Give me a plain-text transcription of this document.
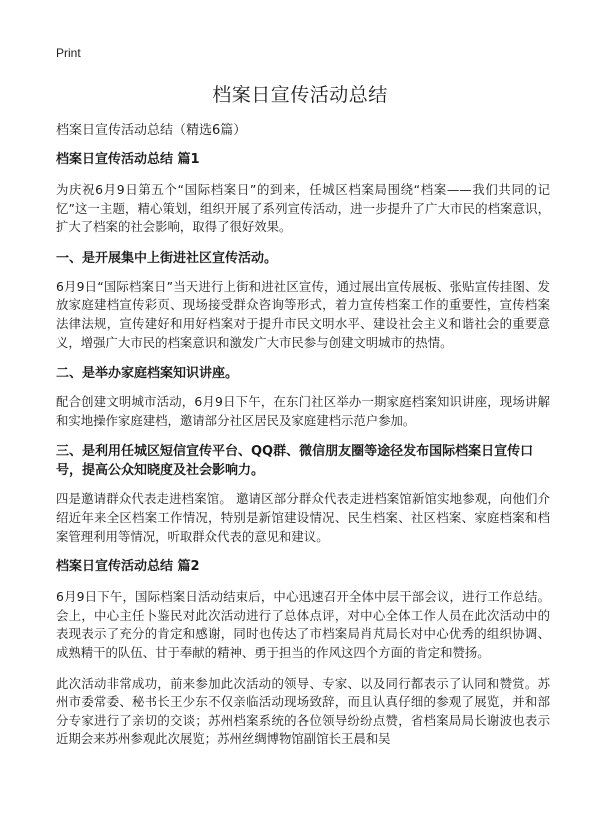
Print
档案日宣传活动总结

档案日宣传活动总结（精选6篇）

档案日宣传活动总结 篇1

为庆祝6月9日第五个“国际档案日”的到来，任城区档案局围绕“档案——我们共同的记忆”这一主题，精心策划，组织开展了系列宣传活动，进一步提升了广大市民的档案意识，扩大了档案的社会影响，取得了很好效果。

一、是开展集中上街进社区宣传活动。

6月9日“国际档案日”当天进行上街和进社区宣传，通过展出宣传展板、张贴宣传挂图、发放家庭建档宣传彩页、现场接受群众咨询等形式，着力宣传档案工作的重要性，宣传档案法律法规，宣传建好和用好档案对于提升市民文明水平、建设社会主义和谐社会的重要意义，增强广大市民的档案意识和激发广大市民参与创建文明城市的热情。

二、是举办家庭档案知识讲座。

配合创建文明城市活动，6月9日下午，在东门社区举办一期家庭档案知识讲座，现场讲解和实地操作家庭建档，邀请部分社区居民及家庭建档示范户参加。

三、是利用任城区短信宣传平台、QQ群、微信朋友圈等途径发布国际档案日宣传口号，提高公众知晓度及社会影响力。

四是邀请群众代表走进档案馆。 邀请区部分群众代表走进档案馆新馆实地参观，向他们介绍近年来全区档案工作情况，特别是新馆建设情况、民生档案、社区档案、家庭档案和档案管理利用等情况，听取群众代表的意见和建议。

档案日宣传活动总结 篇2

6月9日下午，国际档案日活动结束后，中心迅速召开全体中层干部会议，进行工作总结。会上，中心主任卜鉴民对此次活动进行了总体点评，对中心全体工作人员在此次活动中的表现表示了充分的肯定和感谢，同时也传达了市档案局肖芃局长对中心优秀的组织协调、成熟精干的队伍、甘于奉献的精神、勇于担当的作风这四个方面的肯定和赞扬。

此次活动非常成功，前来参加此次活动的领导、专家、以及同行都表示了认同和赞赏。苏州市委常委、秘书长王少东不仅亲临活动现场致辞，而且认真仔细的参观了展览，并和部分专家进行了亲切的交谈；苏州档案系统的各位领导纷纷点赞，省档案局局长谢波也表示近期会来苏州参观此次展览；苏州丝绸博物馆副馆长王晨和吴
